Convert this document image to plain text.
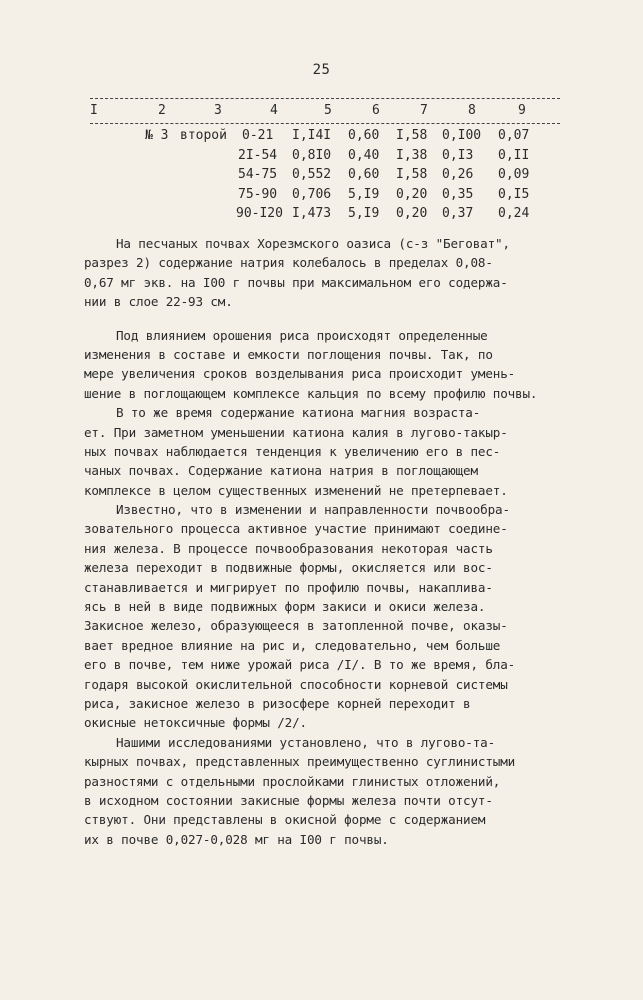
25
I	2	3	4	5	6	7	8	9
№ 3 второй 0-21 I,I4I 0,60 I,58 0,I00 0,07
2I-54 0,8I0 0,40 I,38 0,I3 0,II
54-75 0,552 0,60 I,58 0,26 0,09
75-90 0,706 5,I9 0,20 0,35 0,I5
90-I20 I,473 5,I9 0,20 0,37 0,24
На песчаных почвах Хорезмского оазиса (с-з "Беговат",
разрез 2) содержание натрия колебалось в пределах 0,08-
0,67 мг экв. на I00 г почвы при максимальном его содержа-
нии в слое 22-93 см.
Под влиянием орошения риса происходят определенные
изменения в составе и емкости поглощения почвы. Так, по
мере увеличения сроков возделывания риса происходит умень-
шение в поглощающем комплексе кальция по всему профилю почвы.
В то же время содержание катиона магния возраста-
ет. При заметном уменьшении катиона калия в лугово-такыр-
ных почвах наблюдается тенденция к увеличению его в пес-
чаных почвах. Содержание катиона натрия в поглощающем
комплексе в целом существенных изменений не претерпевает.
Известно, что в изменении и направленности почвообра-
зовательного процесса активное участие принимают соедине-
ния железа. В процессе почвообразования некоторая часть
железа переходит в подвижные формы, окисляется или вос-
станавливается и мигрирует по профилю почвы, накаплива-
ясь в ней в виде подвижных форм закиси и окиси железа.
Закисное железо, образующееся в затопленной почве, оказы-
вает вредное влияние на рис и, следовательно, чем больше
его в почве, тем ниже урожай риса /I/. В то же время, бла-
годаря высокой окислительной способности корневой системы
риса, закисное железо в ризосфере корней переходит в
окисные нетоксичные формы /2/.
Нашими исследованиями установлено, что в лугово-та-
кырных почвах, представленных преимущественно суглинистыми
разностями с отдельными прослойками глинистых отложений,
в исходном состоянии закисные формы железа почти отсут-
ствуют. Они представлены в окисной форме с содержанием
их в почве 0,027-0,028 мг на I00 г почвы.
